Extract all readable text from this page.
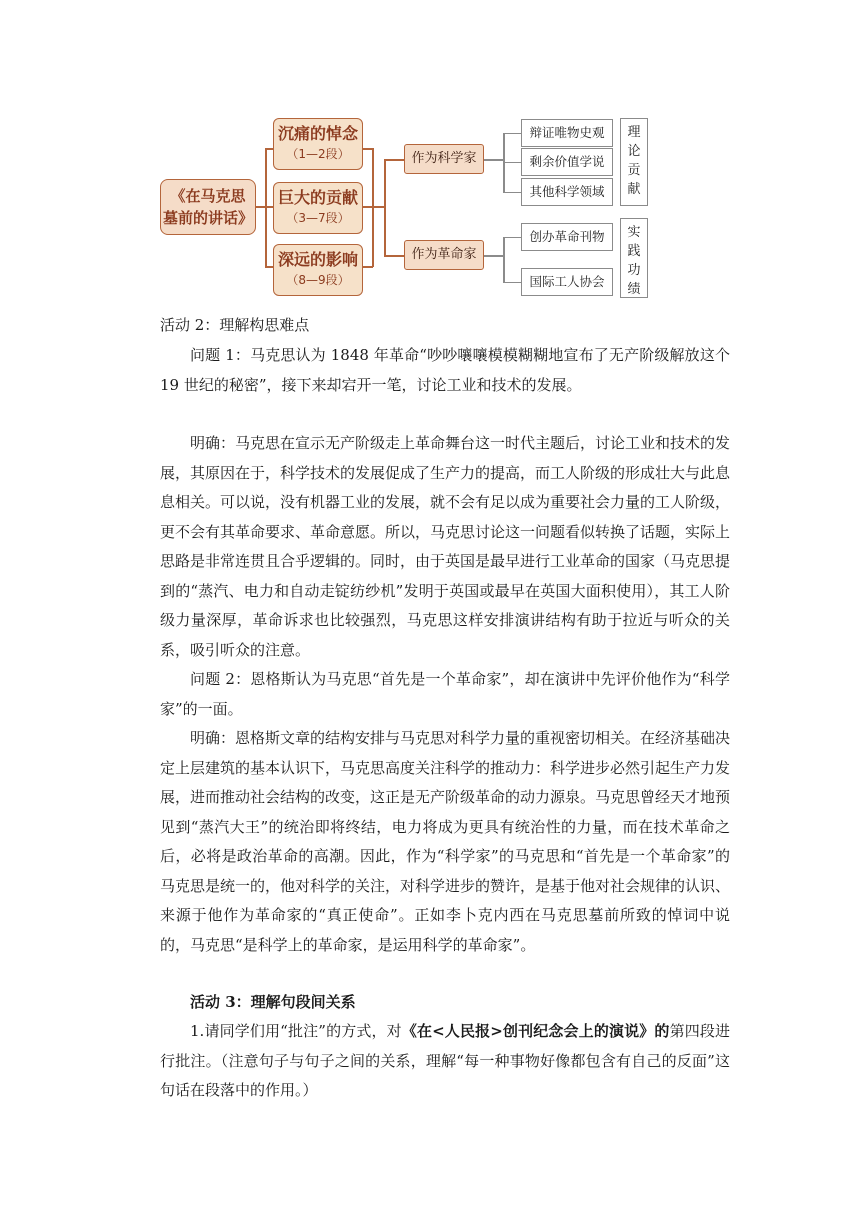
《在马克思
墓前的讲话》
沉痛的悼念
（1—2段）
巨大的贡献
（3—7段）
深远的影响
（8—9段）
作为科学家
作为革命家
辩证唯物史观
剩余价值学说
其他科学领域
创办革命刊物
国际工人协会
理
论
贡
献
实
践
功
绩

活动 2：理解构思难点

问题 1：马克思认为 1848 年革命“吵吵嚷嚷模模糊糊地宣布了无产阶级解放这个 19 世纪的秘密”，接下来却宕开一笔，讨论工业和技术的发展。

明确：马克思在宣示无产阶级走上革命舞台这一时代主题后，讨论工业和技术的发展，其原因在于，科学技术的发展促成了生产力的提高，而工人阶级的形成壮大与此息息相关。可以说，没有机器工业的发展，就不会有足以成为重要社会力量的工人阶级，更不会有其革命要求、革命意愿。所以，马克思讨论这一问题看似转换了话题，实际上思路是非常连贯且合乎逻辑的。同时，由于英国是最早进行工业革命的国家（马克思提到的“蒸汽、电力和自动走锭纺纱机”发明于英国或最早在英国大面积使用），其工人阶级力量深厚，革命诉求也比较强烈，马克思这样安排演讲结构有助于拉近与听众的关系，吸引听众的注意。

问题 2：恩格斯认为马克思“首先是一个革命家”，却在演讲中先评价他作为“科学家”的一面。

明确：恩格斯文章的结构安排与马克思对科学力量的重视密切相关。在经济基础决定上层建筑的基本认识下，马克思高度关注科学的推动力：科学进步必然引起生产力发展，进而推动社会结构的改变，这正是无产阶级革命的动力源泉。马克思曾经天才地预见到“蒸汽大王”的统治即将终结，电力将成为更具有统治性的力量，而在技术革命之后，必将是政治革命的高潮。因此，作为“科学家”的马克思和“首先是一个革命家”的马克思是统一的，他对科学的关注，对科学进步的赞许，是基于他对社会规律的认识、来源于他作为革命家的“真正使命”。正如李卜克内西在马克思墓前所致的悼词中说的，马克思“是科学上的革命家，是运用科学的革命家”。

活动 3：理解句段间关系

1.请同学们用“批注”的方式，对《在<人民报>创刊纪念会上的演说》的第四段进行批注。（注意句子与句子之间的关系，理解“每一种事物好像都包含有自己的反面”这句话在段落中的作用。）
